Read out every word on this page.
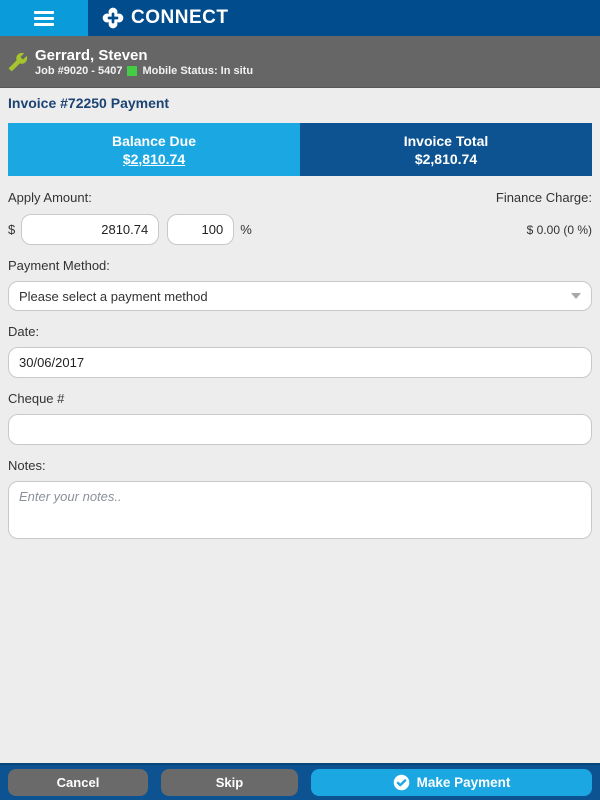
CONNECT
Gerrard, Steven
Job #9020 - 5407 Mobile Status: In situ
Invoice #72250 Payment
Balance Due
$2,810.74
Invoice Total
$2,810.74
Apply Amount:	Finance Charge:
$
2810.74
100	%	$ 0.00 (0 %)
Payment Method:
Please select a payment method
Date:
30/06/2017
Cheque #
Notes:
Enter your notes..
Cancel	Skip	Make Payment
